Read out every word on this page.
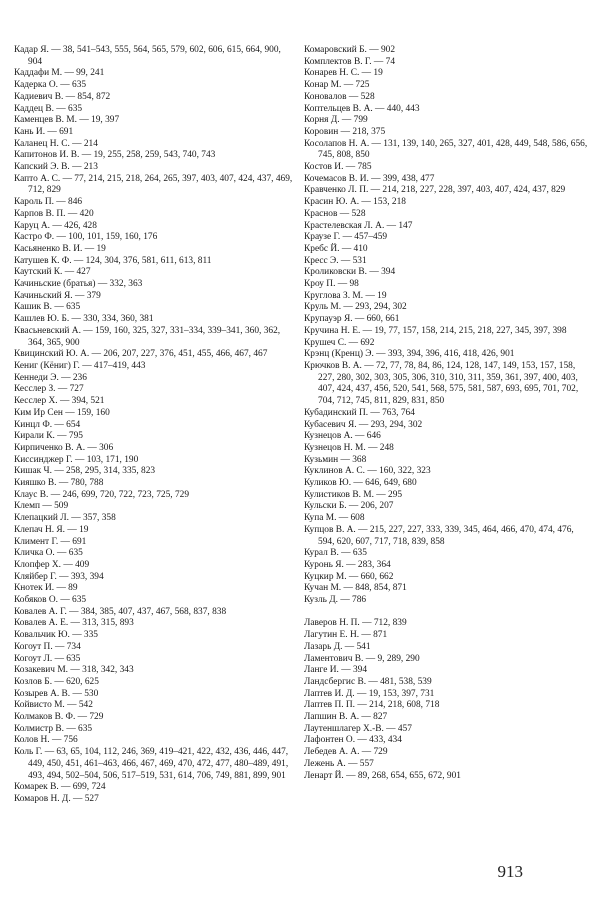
Кадар Я. — 38, 541–543, 555, 564, 565, 579, 602, 606, 615, 664, 900, 904
Каддафи М. — 99, 241
Кадерка О. — 635
Кадиевич В. — 854, 872
Каддец В. — 635
Каменцев В. М. — 19, 397
Кань И. — 691
Каланец Н. С. — 214
Капитонов И. В. — 19, 255, 258, 259, 543, 740, 743
Капский Э. В. — 213
Капто А. С. — 77, 214, 215, 218, 264, 265, 397, 403, 407, 424, 437, 469, 712, 829
Кароль П. — 846
Карпов В. П. — 420
Каруц А. — 426, 428
Кастро Ф. — 100, 101, 159, 160, 176
Касьяненко В. И. — 19
Катушев К. Ф. — 124, 304, 376, 581, 611, 613, 811
Каутский К. — 427
Качиньские (братья) — 332, 363
Качиньский Я. — 379
Кашик В. — 635
Кашлев Ю. Б. — 330, 334, 360, 381
Квасьневский А. — 159, 160, 325, 327, 331–334, 339–341, 360, 362, 364, 365, 900
Квицинский Ю. А. — 206, 207, 227, 376, 451, 455, 466, 467, 467
Кениг (Кёниг) Г. — 417–419, 443
Кеннеди Э. — 236
Кесслер З. — 727
Кесслер Х. — 394, 521
Ким Ир Сен — 159, 160
Кинцл Ф. — 654
Кирали К. — 795
Кирпиченко В. А. — 306
Киссинджер Г. — 103, 171, 190
Кишак Ч. — 258, 295, 314, 335, 823
Кияшко В. — 780, 788
Клаус В. — 246, 699, 720, 722, 723, 725, 729
Клемп — 509
Клепацкий Л. — 357, 358
Клепач Н. Я. — 19
Климент Г. — 691
Кличка О. — 635
Клопфер Х. — 409
Кляйбер Г. — 393, 394
Кнотек И. — 89
Кобяков О. — 635
Ковалев А. Г. — 384, 385, 407, 437, 467, 568, 837, 838
Ковалев А. Е. — 313, 315, 893
Ковальчик Ю. — 335
Когоут П. — 734
Когоут Л. — 635
Козакевич М. — 318, 342, 343
Козлов Б. — 620, 625
Козырев А. В. — 530
Койвисто М. — 542
Колмаков В. Ф. — 729
Колмистр В. — 635
Колов Н. — 756
Коль Г. — 63, 65, 104, 112, 246, 369, 419–421, 422, 432, 436, 446, 447, 449, 450, 451, 461–463, 466, 467, 469, 470, 472, 477, 480–489, 491, 493, 494, 502–504, 506, 517–519, 531, 614, 706, 749, 881, 899, 901
Комарек В. — 699, 724
Комаров Н. Д. — 527
Комаровский Б. — 902
Комплектов В. Г. — 74
Конарев Н. С. — 19
Конар М. — 725
Коновалов — 528
Коптельцев В. А. — 440, 443
Корня Д. — 799
Коровин — 218, 375
Косолапов Н. А. — 131, 139, 140, 265, 327, 401, 428, 449, 548, 586, 656, 745, 808, 850
Костов И. — 785
Кочемасов В. И. — 399, 438, 477
Кравченко Л. П. — 214, 218, 227, 228, 397, 403, 407, 424, 437, 829
Красин Ю. А. — 153, 218
Краснов — 528
Крастелевская Л. А. — 147
Краузе Г. — 457–459
Кребс Й. — 410
Кресс Э. — 531
Кроликовски В. — 394
Кроу П. — 98
Круглова З. М. — 19
Круль М. — 293, 294, 302
Крупауэр Я. — 660, 661
Кручина Н. Е. — 19, 77, 157, 158, 214, 215, 218, 227, 345, 397, 398
Крушеч С. — 692
Крэнц (Кренц) Э. — 393, 394, 396, 416, 418, 426, 901
Крючков В. А. — 72, 77, 78, 84, 86, 124, 128, 147, 149, 153, 157, 158, 227, 280, 302, 303, 305, 306, 310, 310, 311, 359, 361, 397, 400, 403, 407, 424, 437, 456, 520, 541, 568, 575, 581, 587, 693, 695, 701, 702, 704, 712, 745, 811, 829, 831, 850
Кубадинский П. — 763, 764
Кубасевич Я. — 293, 294, 302
Кузнецов А. — 646
Кузнецов Н. М. — 248
Кузьмин — 368
Куклинов А. С. — 160, 322, 323
Куликов Ю. — 646, 649, 680
Кулистиков В. М. — 295
Кульски Б. — 206, 207
Купа М. — 608
Купцов В. А. — 215, 227, 227, 333, 339, 345, 464, 466, 470, 474, 476, 594, 620, 607, 717, 718, 839, 858
Курал В. — 635
Куронь Я. — 283, 364
Куцкир М. — 660, 662
Кучан М. — 848, 854, 871
Кузль Д. — 786
Лаверов Н. П. — 712, 839
Лагутин Е. Н. — 871
Лазарь Д. — 541
Ламентович В. — 9, 289, 290
Ланге И. — 394
Ландсбергис В. — 481, 538, 539
Лаптев И. Д. — 19, 153, 397, 731
Лаптев П. П. — 214, 218, 608, 718
Лапшин В. А. — 827
Лаутеншлагер Х.-В. — 457
Лафонтен О. — 433, 434
Лебедев А. А. — 729
Лежень А. — 557
Ленарт Й. — 89, 268, 654, 655, 672, 901
913
